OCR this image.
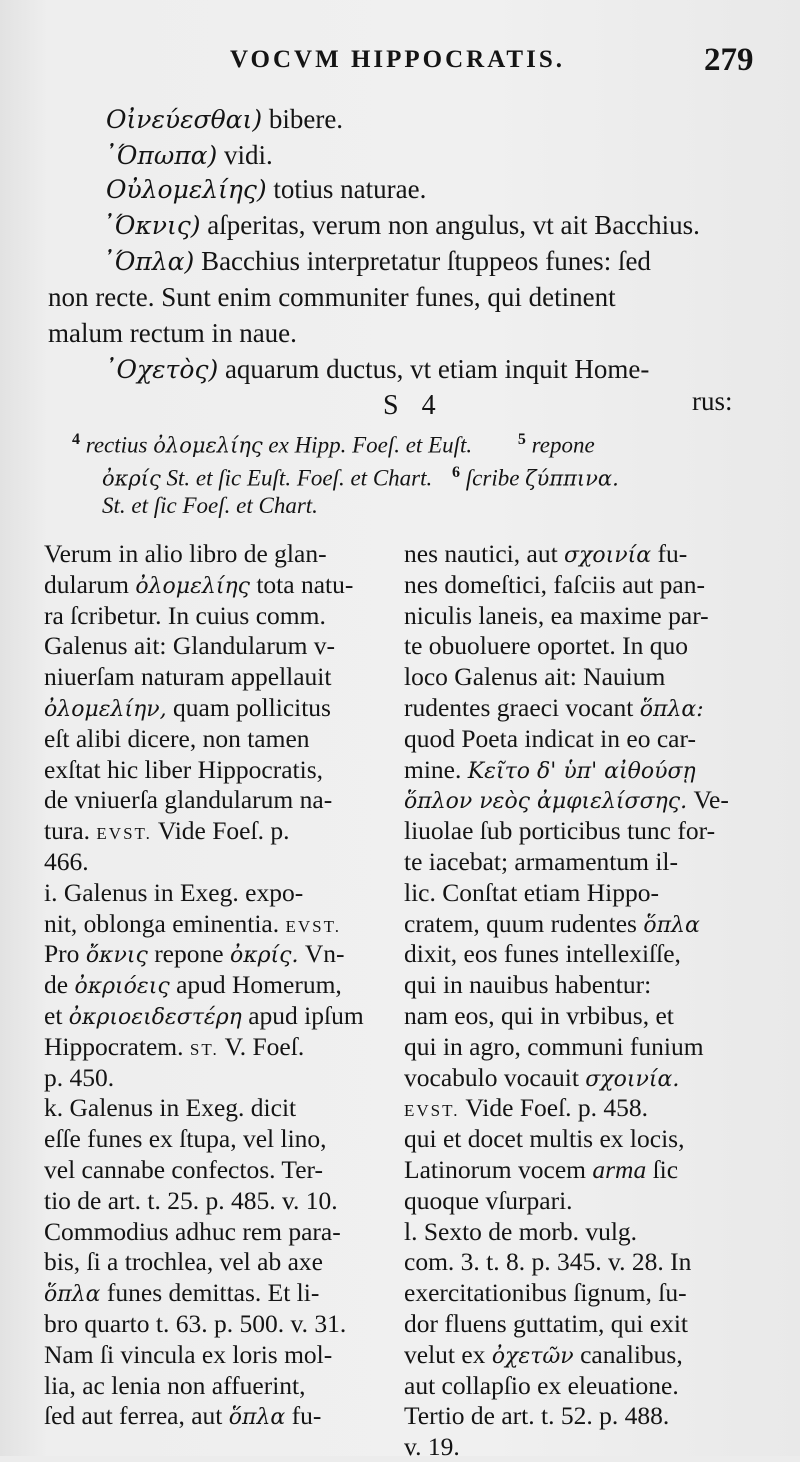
VOCVM HIPPOCRATIS.	279
Οἰνεύεσθαι) bibere.
᾿Όπωπα) vidi.
Οὐλομελίης) totius naturae.
᾿Όκνις) aſperitas, verum non angulus, vt ait Bacchius.
᾿Όπλα) Bacchius interpretatur ſtuppeos funes: ſed
non recte. Sunt enim communiter funes, qui detinent
malum rectum in naue.
᾿Οχετὸς) aquarum ductus, vt etiam inquit Home-
S 4	rus:
$^4$ rectius ὀλομελίης ex Hipp. Foeſ. et Euſt.	$^5$ repone
ὀκρίς St. et ſic Euſt. Foeſ. et Chart. $^6$ ſcribe ζύππινα.
St. et ſic Foeſ. et Chart.
Verum in alio libro de glan-
dularum ὀλομελίης tota natu-
ra ſcribetur. In cuius comm.
Galenus ait: Glandularum v-
niuerſam naturam appellauit
ὀλομελίην, quam pollicitus
eſt alibi dicere, non tamen
exſtat hic liber Hippocratis,
de vniuerſa glandularum na-
tura. EVST. Vide Foeſ. p.
466.
i. Galenus in Exeg. expo-
nit, oblonga eminentia. EVST.
Pro ὄκνις repone ὀκρίς. Vn-
de ὀκριόεις apud Homerum,
et ὀκριοειδεστέρη apud ipſum
Hippocratem. ST. V. Foeſ.
p. 450.
k. Galenus in Exeg. dicit
eſſe funes ex ſtupa, vel lino,
vel cannabe confectos. Ter-
tio de art. t. 25. p. 485. v. 10.
Commodius adhuc rem para-
bis, ſi a trochlea, vel ab axe
ὅπλα funes demittas. Et li-
bro quarto t. 63. p. 500. v. 31.
Nam ſi vincula ex loris mol-
lia, ac lenia non affuerint,
ſed aut ferrea, aut ὅπλα fu-
nes nautici, aut σχοινία fu-
nes domeſtici, faſciis aut pan-
niculis laneis, ea maxime par-
te obuoluere oportet. In quo
loco Galenus ait: Nauium
rudentes graeci vocant ὅπλα:
quod Poeta indicat in eo car-
mine. Κεῖτο δ' ὑπ' αἰθούσῃ
ὅπλον νεὸς ἀμφιελίσσης. Ve-
liuolae ſub porticibus tunc for-
te iacebat; armamentum il-
lic. Conſtat etiam Hippo-
cratem, quum rudentes ὅπλα
dixit, eos funes intellexiſſe,
qui in nauibus habentur:
nam eos, qui in vrbibus, et
qui in agro, communi funium
vocabulo vocauit σχοινία.
EVST. Vide Foeſ. p. 458.
qui et docet multis ex locis,
Latinorum vocem arma ſic
quoque vſurpari.
l. Sexto de morb. vulg.
com. 3. t. 8. p. 345. v. 28. In
exercitationibus ſignum, ſu-
dor fluens guttatim, qui exit
velut ex ὀχετῶν canalibus,
aut collapſio ex eleuatione.
Tertio de art. t. 52. p. 488.
v. 19.
